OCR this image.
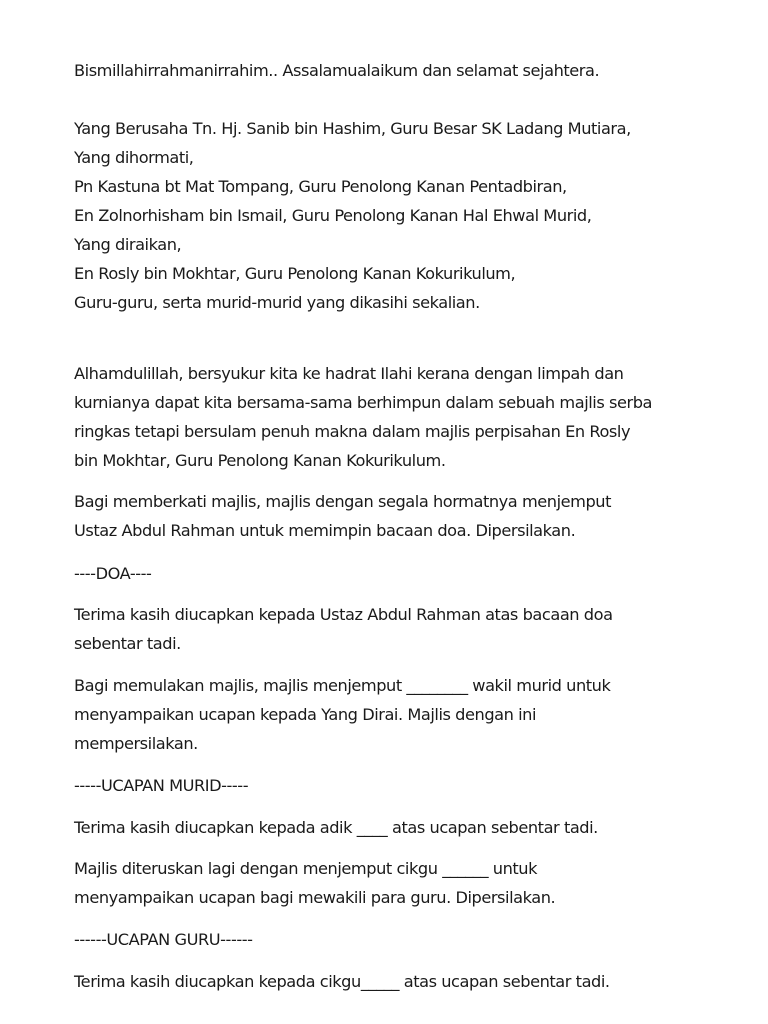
Bismillahirrahmanirrahim.. Assalamualaikum dan selamat sejahtera.
Yang Berusaha Tn. Hj. Sanib bin Hashim, Guru Besar SK Ladang Mutiara,
Yang dihormati,
Pn Kastuna bt Mat Tompang, Guru Penolong Kanan Pentadbiran,
En Zolnorhisham bin Ismail, Guru Penolong Kanan Hal Ehwal Murid,
Yang diraikan,
En Rosly bin Mokhtar, Guru Penolong Kanan Kokurikulum,
Guru-guru, serta murid-murid yang dikasihi sekalian.
Alhamdulillah, bersyukur kita ke hadrat Ilahi kerana dengan limpah dan
kurnianya dapat kita bersama-sama berhimpun dalam sebuah majlis serba
ringkas tetapi bersulam penuh makna dalam majlis perpisahan En Rosly
bin Mokhtar, Guru Penolong Kanan Kokurikulum.
Bagi memberkati majlis, majlis dengan segala hormatnya menjemput
Ustaz Abdul Rahman untuk memimpin bacaan doa. Dipersilakan.
----DOA----
Terima kasih diucapkan kepada Ustaz Abdul Rahman atas bacaan doa
sebentar tadi.
Bagi memulakan majlis, majlis menjemput ________ wakil murid untuk
menyampaikan ucapan kepada Yang Dirai. Majlis dengan ini
mempersilakan.
-----UCAPAN MURID-----
Terima kasih diucapkan kepada adik ____ atas ucapan sebentar tadi.
Majlis diteruskan lagi dengan menjemput cikgu ______ untuk
menyampaikan ucapan bagi mewakili para guru. Dipersilakan.
------UCAPAN GURU------
Terima kasih diucapkan kepada cikgu_____ atas ucapan sebentar tadi.
